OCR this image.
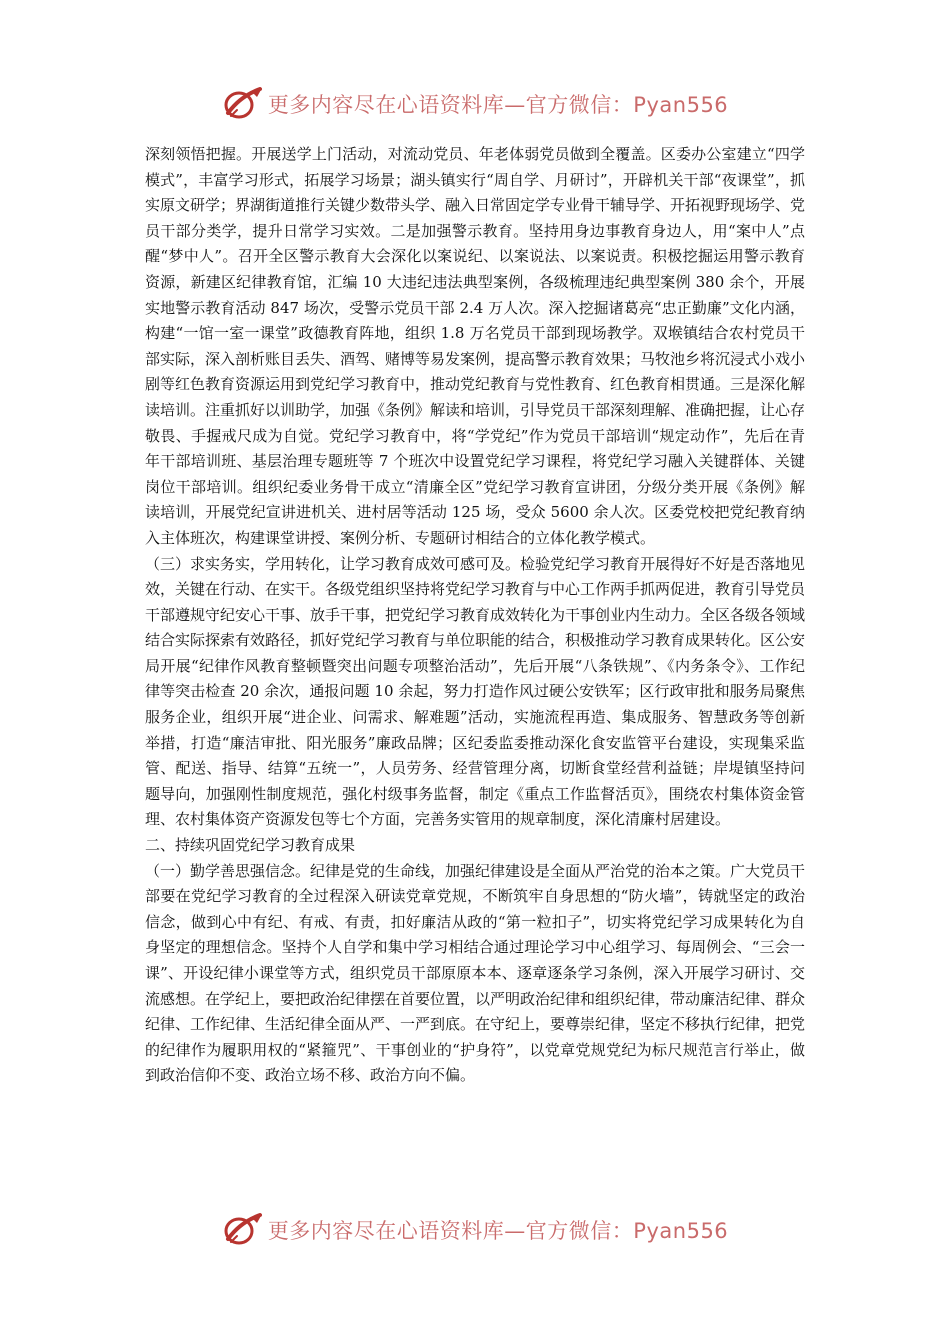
更多内容尽在心语资料库—官方微信：Pyan556

深刻领悟把握。开展送学上门活动，对流动党员、年老体弱党员做到全覆盖。区委办公室建立“四学模式”，丰富学习形式，拓展学习场景；湖头镇实行“周自学、月研讨”，开辟机关干部“夜课堂”，抓实原文研学；界湖街道推行关键少数带头学、融入日常固定学专业骨干辅导学、开拓视野现场学、党员干部分类学，提升日常学习实效。二是加强警示教育。坚持用身边事教育身边人，用“案中人”点醒“梦中人”。召开全区警示教育大会深化以案说纪、以案说法、以案说责。积极挖掘运用警示教育资源，新建区纪律教育馆，汇编 10 大违纪违法典型案例，各级梳理违纪典型案例 380 余个，开展实地警示教育活动 847 场次，受警示党员干部 2.4 万人次。深入挖掘诸葛亮“忠正勤廉”文化内涵，构建“一馆一室一课堂”政德教育阵地，组织 1.8 万名党员干部到现场教学。双堠镇结合农村党员干部实际，深入剖析账目丢失、酒驾、赌博等易发案例，提高警示教育效果；马牧池乡将沉浸式小戏小剧等红色教育资源运用到党纪学习教育中，推动党纪教育与党性教育、红色教育相贯通。三是深化解读培训。注重抓好以训助学，加强《条例》解读和培训，引导党员干部深刻理解、准确把握，让心存敬畏、手握戒尺成为自觉。党纪学习教育中，将“学党纪”作为党员干部培训“规定动作”，先后在青年干部培训班、基层治理专题班等 7 个班次中设置党纪学习课程，将党纪学习融入关键群体、关键岗位干部培训。组织纪委业务骨干成立“清廉全区”党纪学习教育宣讲团，分级分类开展《条例》解读培训，开展党纪宣讲进机关、进村居等活动 125 场，受众 5600 余人次。区委党校把党纪教育纳入主体班次，构建课堂讲授、案例分析、专题研讨相结合的立体化教学模式。

（三）求实务实，学用转化，让学习教育成效可感可及。检验党纪学习教育开展得好不好是否落地见效，关键在行动、在实干。各级党组织坚持将党纪学习教育与中心工作两手抓两促进，教育引导党员干部遵规守纪安心干事、放手干事，把党纪学习教育成效转化为干事创业内生动力。全区各级各领域结合实际探索有效路径，抓好党纪学习教育与单位职能的结合，积极推动学习教育成果转化。区公安局开展“纪律作风教育整顿暨突出问题专项整治活动”，先后开展“八条铁规”、《内务条令》、工作纪律等突击检查 20 余次，通报问题 10 余起，努力打造作风过硬公安铁军；区行政审批和服务局聚焦服务企业，组织开展“进企业、问需求、解难题”活动，实施流程再造、集成服务、智慧政务等创新举措，打造“廉洁审批、阳光服务”廉政品牌；区纪委监委推动深化食安监管平台建设，实现集采监管、配送、指导、结算“五统一”，人员劳务、经营管理分离，切断食堂经营利益链；岸堤镇坚持问题导向，加强刚性制度规范，强化村级事务监督，制定《重点工作监督活页》，围绕农村集体资金管理、农村集体资产资源发包等七个方面，完善务实管用的规章制度，深化清廉村居建设。

二、持续巩固党纪学习教育成果

（一）勤学善思强信念。纪律是党的生命线，加强纪律建设是全面从严治党的治本之策。广大党员干部要在党纪学习教育的全过程深入研读党章党规，不断筑牢自身思想的“防火墙”，铸就坚定的政治信念，做到心中有纪、有戒、有责，扣好廉洁从政的“第一粒扣子”，切实将党纪学习成果转化为自身坚定的理想信念。坚持个人自学和集中学习相结合通过理论学习中心组学习、每周例会、“三会一课”、开设纪律小课堂等方式，组织党员干部原原本本、逐章逐条学习条例，深入开展学习研讨、交流感想。在学纪上，要把政治纪律摆在首要位置，以严明政治纪律和组织纪律，带动廉洁纪律、群众纪律、工作纪律、生活纪律全面从严、一严到底。在守纪上，要尊崇纪律，坚定不移执行纪律，把党的纪律作为履职用权的“紧箍咒”、干事创业的“护身符”，以党章党规党纪为标尺规范言行举止，做到政治信仰不变、政治立场不移、政治方向不偏。

更多内容尽在心语资料库—官方微信：Pyan556
